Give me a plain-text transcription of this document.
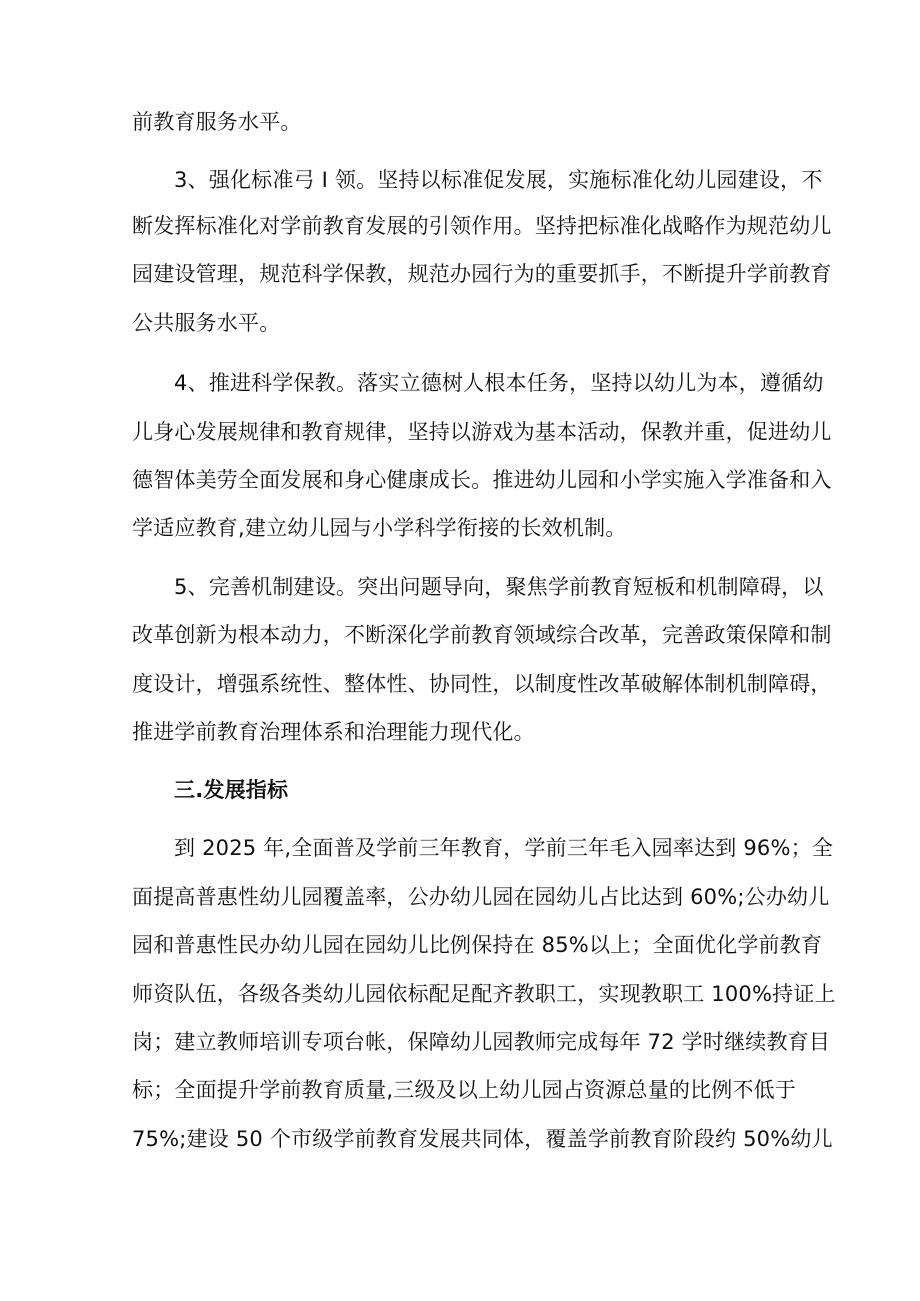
前教育服务水平。
3、强化标准弓 I 领。坚持以标准促发展，实施标准化幼儿园建设，不
断发挥标准化对学前教育发展的引领作用。坚持把标准化战略作为规范幼儿
园建设管理，规范科学保教，规范办园行为的重要抓手，不断提升学前教育
公共服务水平。
4、推进科学保教。落实立德树人根本任务，坚持以幼儿为本，遵循幼
儿身心发展规律和教育规律，坚持以游戏为基本活动，保教并重，促进幼儿
德智体美劳全面发展和身心健康成长。推进幼儿园和小学实施入学准备和入
学适应教育,建立幼儿园与小学科学衔接的长效机制。
5、完善机制建设。突出问题导向，聚焦学前教育短板和机制障碍，以
改革创新为根本动力，不断深化学前教育领域综合改革，完善政策保障和制
度设计，增强系统性、整体性、协同性，以制度性改革破解体制机制障碍，
推进学前教育治理体系和治理能力现代化。
三.发展指标
到 2025 年,全面普及学前三年教育，学前三年毛入园率达到 96%；全
面提高普惠性幼儿园覆盖率，公办幼儿园在园幼儿占比达到 60%;公办幼儿
园和普惠性民办幼儿园在园幼儿比例保持在 85%以上；全面优化学前教育
师资队伍，各级各类幼儿园依标配足配齐教职工，实现教职工 100%持证上
岗；建立教师培训专项台帐，保障幼儿园教师完成每年 72 学时继续教育目
标；全面提升学前教育质量,三级及以上幼儿园占资源总量的比例不低于
75%;建设 50 个市级学前教育发展共同体，覆盖学前教育阶段约 50%幼儿
